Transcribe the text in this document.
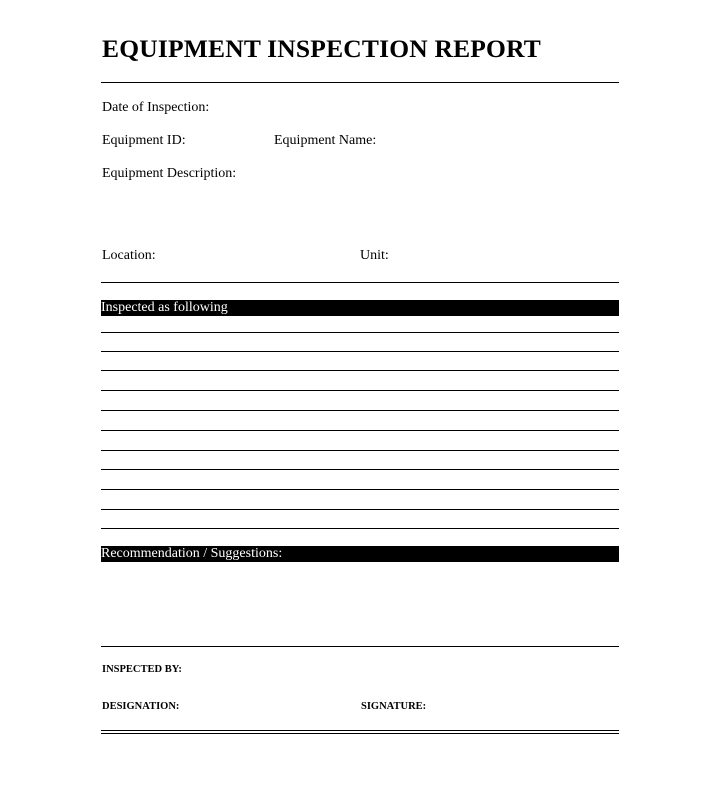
EQUIPMENT INSPECTION REPORT
Date of Inspection:
Equipment ID:	Equipment Name:
Equipment Description:
Location:	Unit:
Inspected as following
Recommendation / Suggestions:
INSPECTED BY:
DESIGNATION:	SIGNATURE:
